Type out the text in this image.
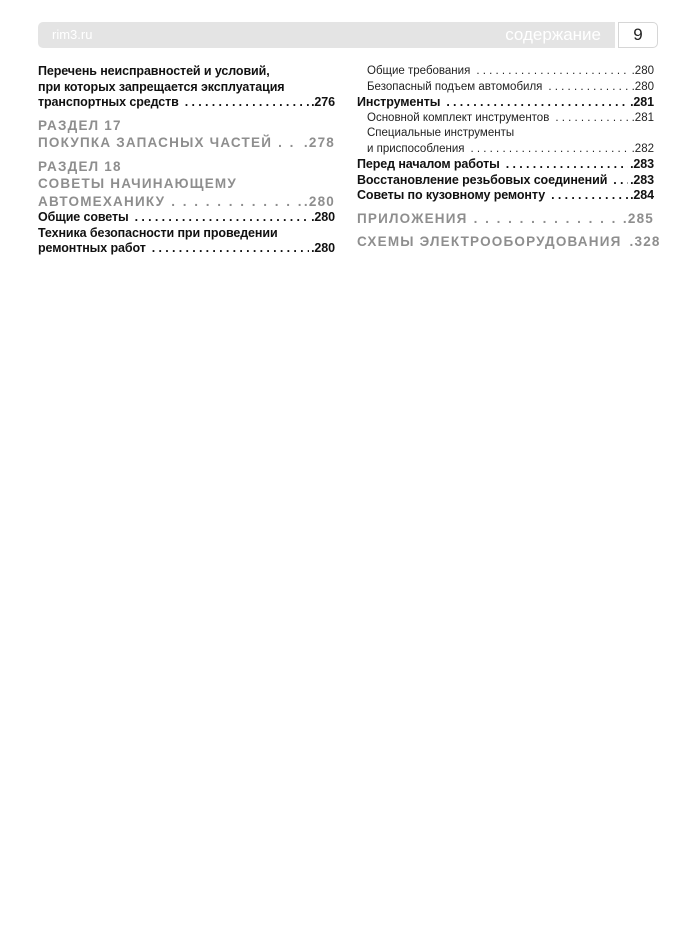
rim3.ru	содержание	9
Перечень неисправностей и условий,
при которых запрещается эксплуатация
транспортных средств . . .	.276
РАЗДЕЛ 17
ПОКУПКА ЗАПАСНЫХ ЧАСТЕЙ . . . .278
РАЗДЕЛ 18
СОВЕТЫ НАЧИНАЮЩЕМУ
АВТОМЕХАНИКУ . . .	.280
Общие советы . . .	.280
Техника безопасности при проведении
ремонтных работ . . .	.280
Общие требования . . .	.280
Безопасный подъем автомобиля . . .	.280
Инструменты . . .	.281
Основной комплект инструментов . . .	.281
Специальные инструменты
и приспособления . . .	.282
Перед началом работы . . .	.283
Восстановление резьбовых соединений . . . .283
Советы по кузовному ремонту . . .	.284
ПРИЛОЖЕНИЯ . . .	.285
СХЕМЫ ЭЛЕКТРООБОРУДОВАНИЯ .328
